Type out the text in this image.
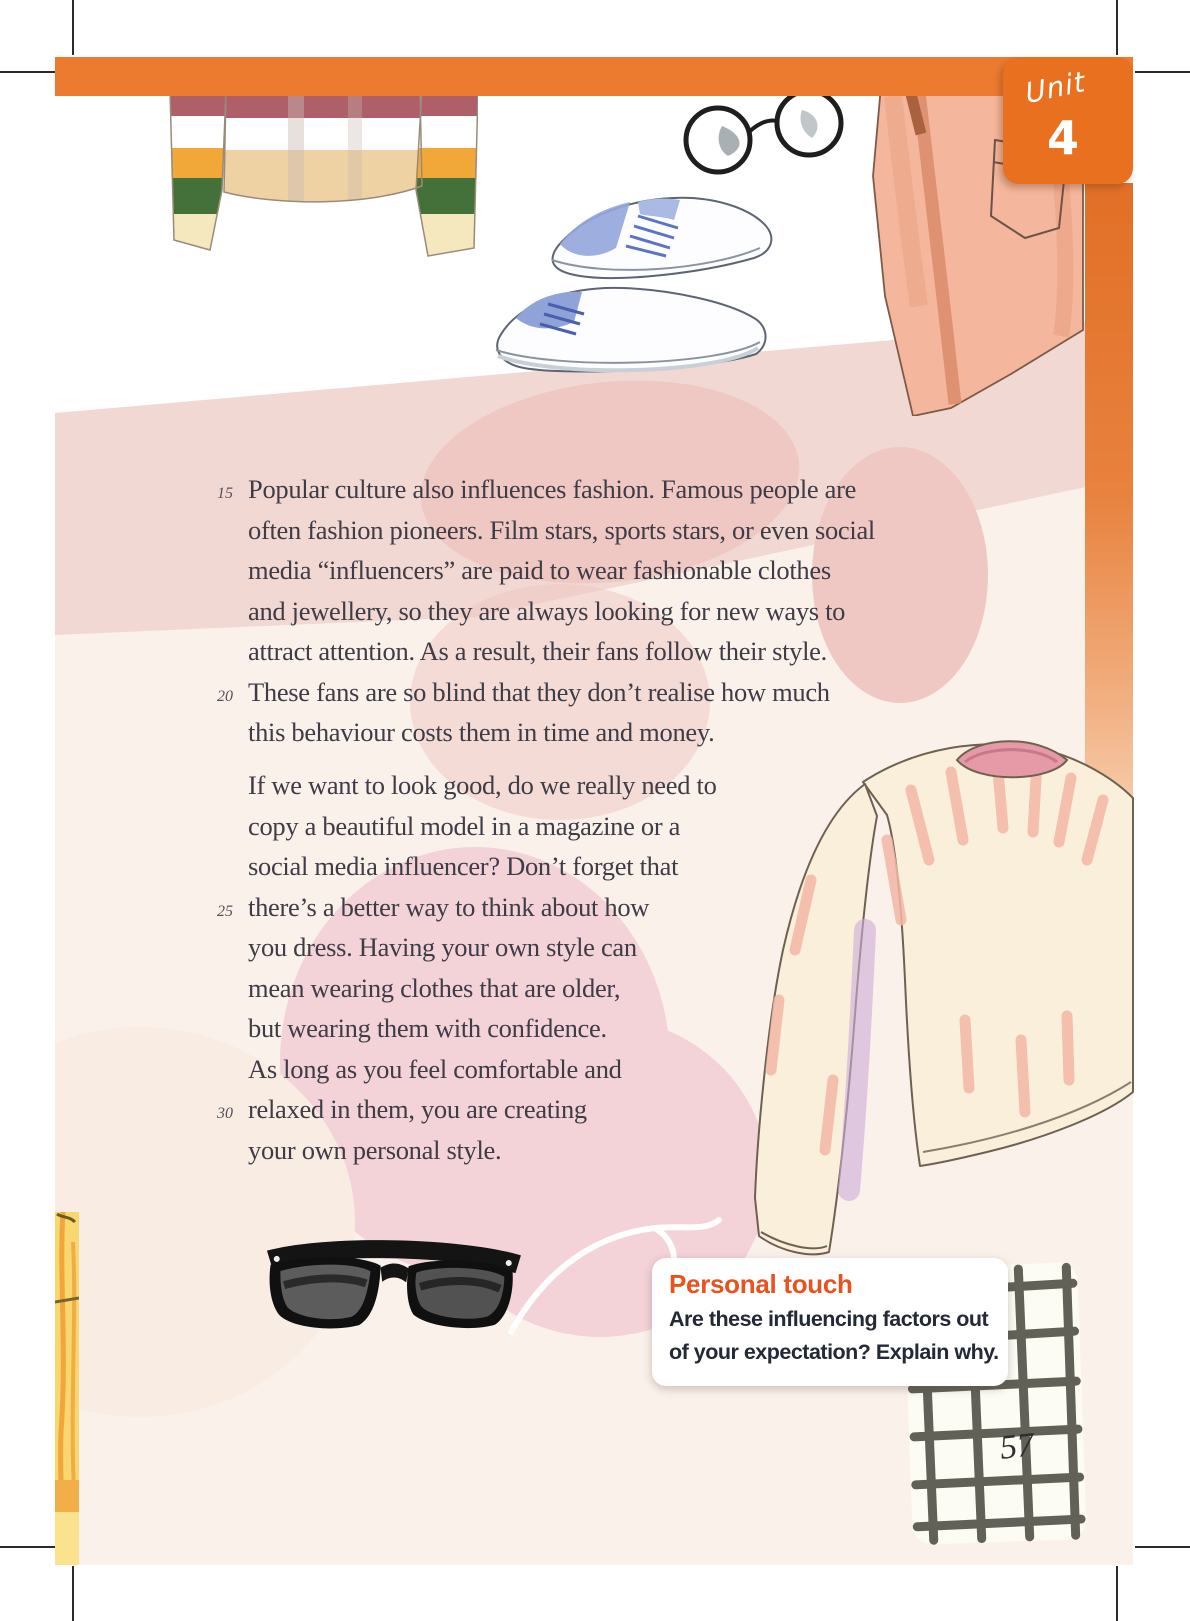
Unit
4
15 Popular culture also influences fashion. Famous people are
often fashion pioneers. Film stars, sports stars, or even social
media “influencers” are paid to wear fashionable clothes
and jewellery, so they are always looking for new ways to
attract attention. As a result, their fans follow their style.
20 These fans are so blind that they don’t realise how much
this behaviour costs them in time and money.
If we want to look good, do we really need to
copy a beautiful model in a magazine or a
social media influencer? Don’t forget that
25 there’s a better way to think about how
you dress. Having your own style can
mean wearing clothes that are older,
but wearing them with confidence.
As long as you feel comfortable and
30 relaxed in them, you are creating
your own personal style.
Personal touch
Are these influencing factors out
of your expectation? Explain why.
57
